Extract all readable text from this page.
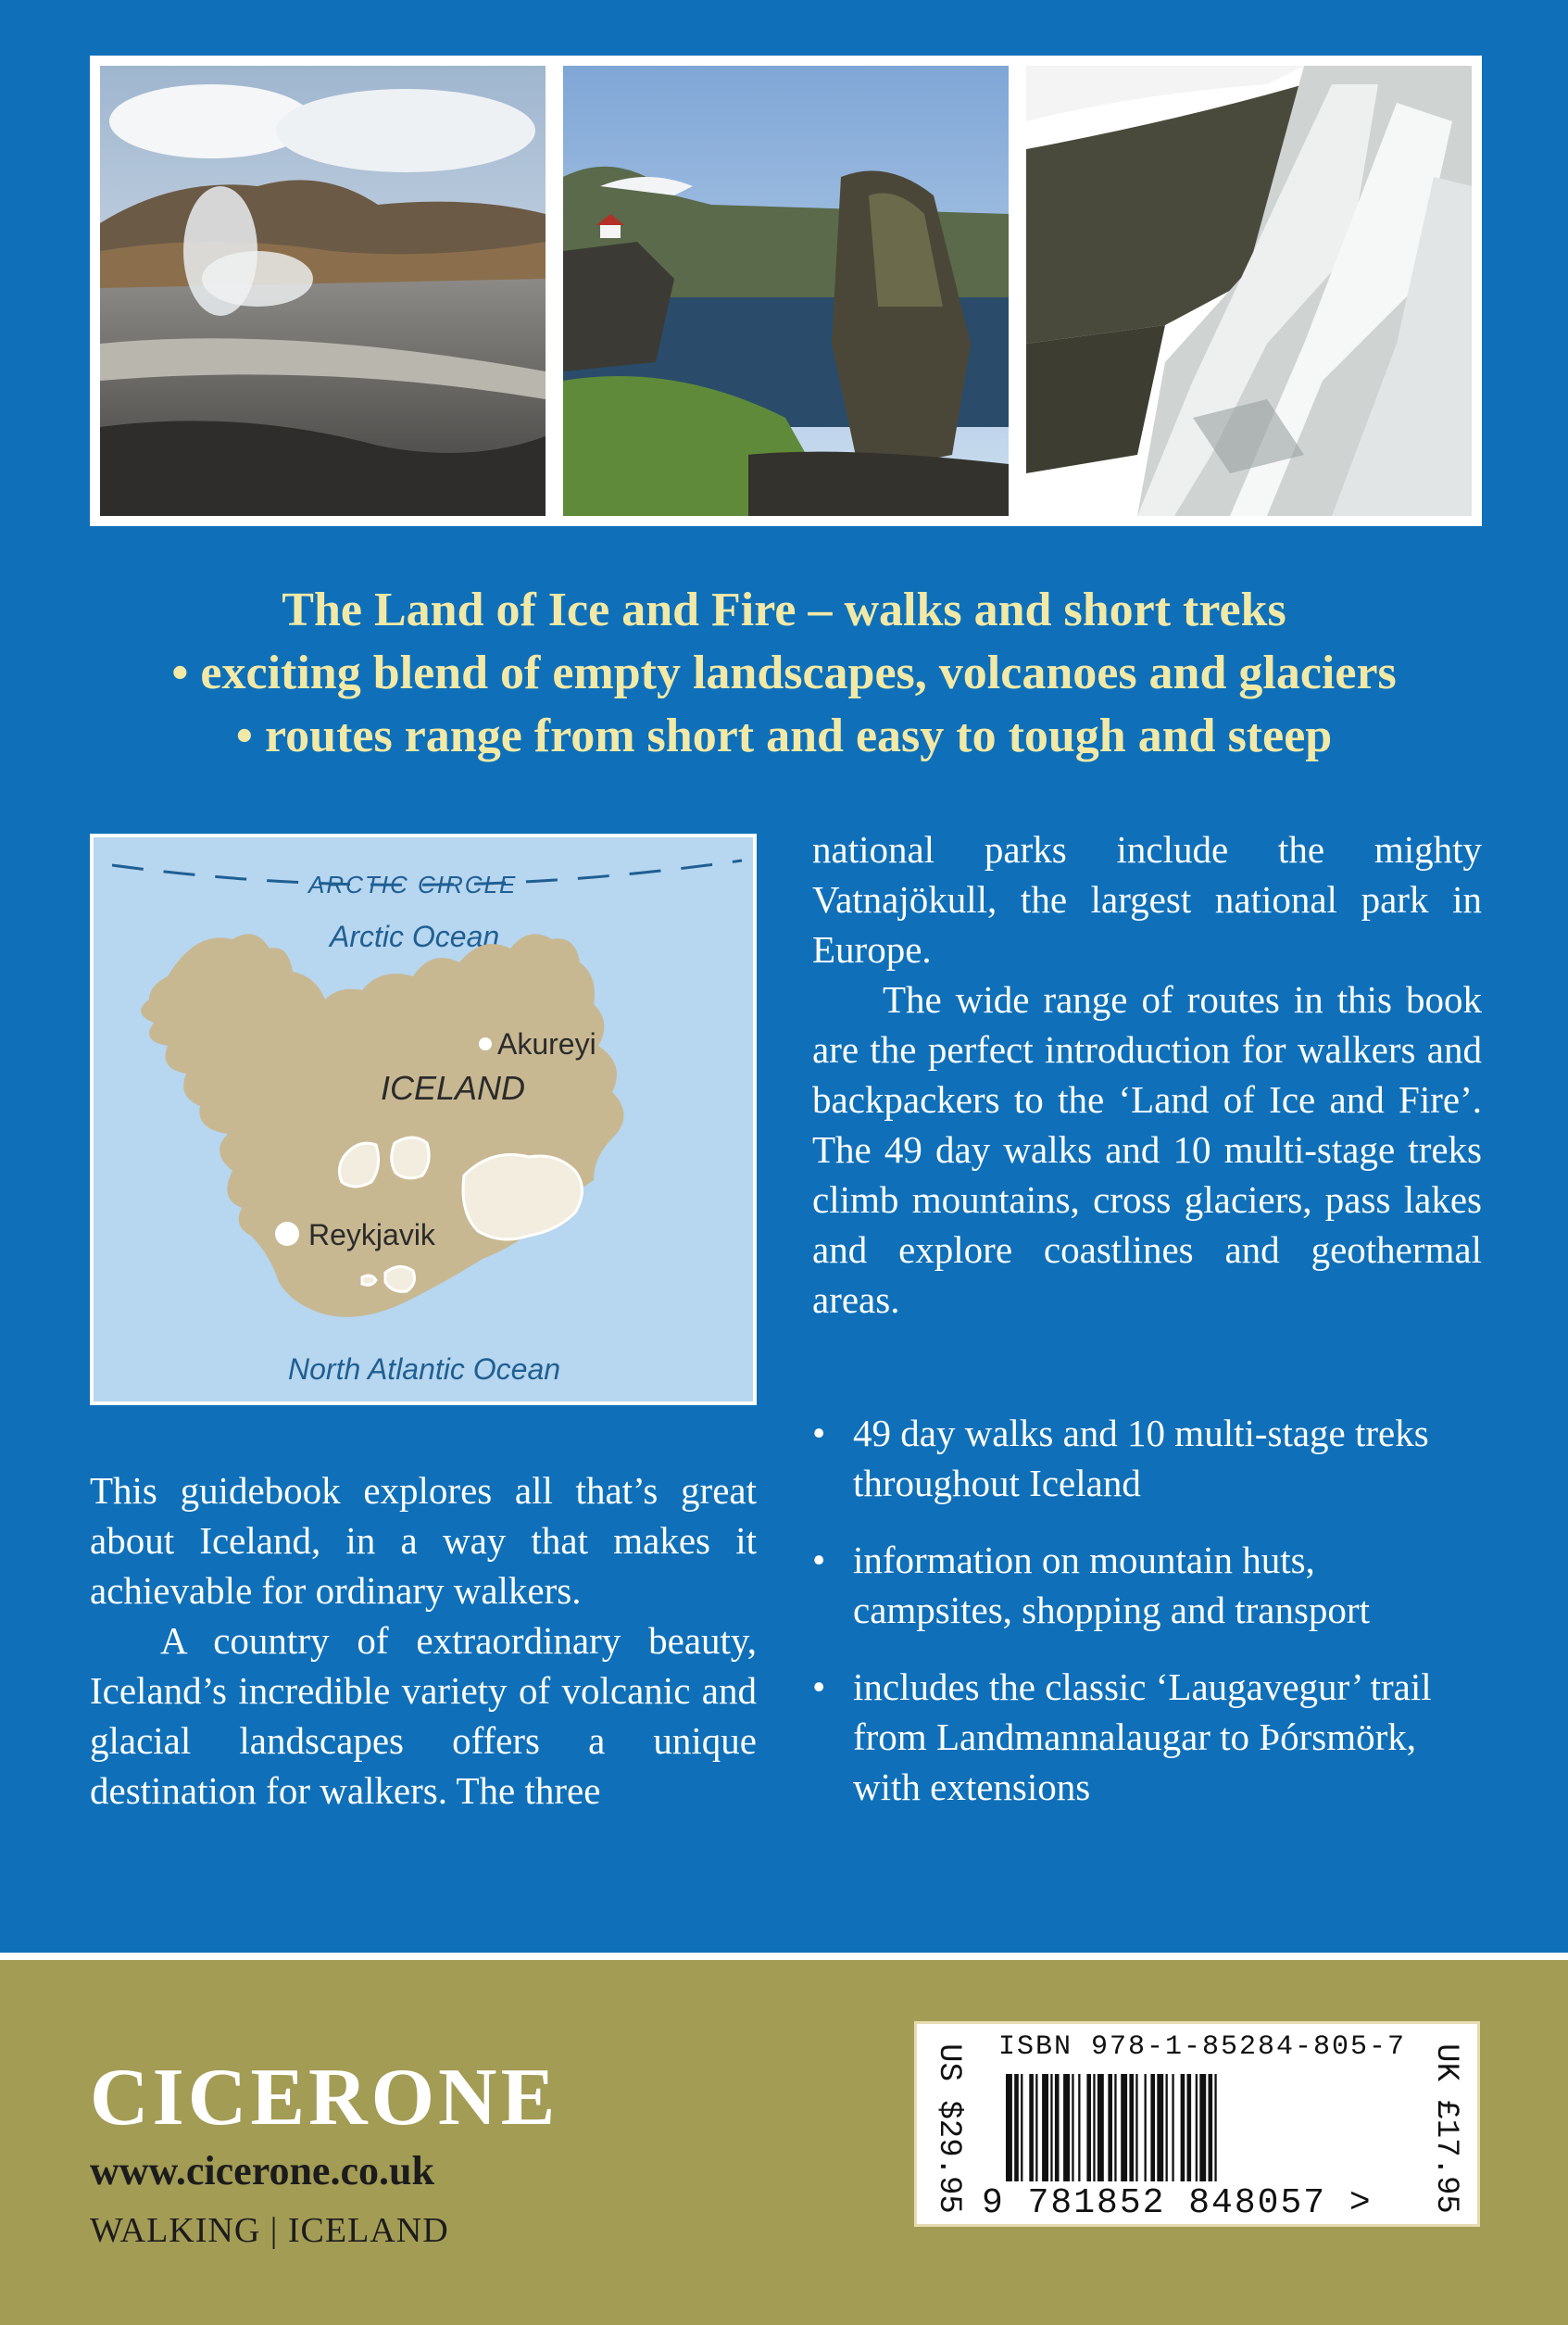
The Land of Ice and Fire – walks and short treks
• exciting blend of empty landscapes, volcanoes and glaciers
• routes range from short and easy to tough and steep
ARCTIC CIRCLE
Arctic Ocean
Akureyi
ICELAND
Reykjavik
North Atlantic Ocean

national parks include the mighty Vatnajökull, the largest national park in Europe.

The wide range of routes in this book are the perfect introduction for walkers and backpackers to the ‘Land of Ice and Fire’. The 49 day walks and 10 multi-stage treks climb mountains, cross glaciers, pass lakes and explore coastlines and geothermal areas.

• 49 day walks and 10 multi-stage treks throughout Iceland
• information on mountain huts, campsites, shopping and transport
• includes the classic ‘Laugavegur’ trail from Landmannalaugar to Þórsmörk, with extensions

This guidebook explores all that’s great about Iceland, in a way that makes it achievable for ordinary walkers.

A country of extraordinary beauty, Iceland’s incredible variety of volcanic and glacial landscapes offers a unique destination for walkers. The three

CICERONE
www.cicerone.co.uk
WALKING | ICELAND
US $29.95 ISBN 978-1-85284-805-7
9 781852 848057 > UK £17.95
